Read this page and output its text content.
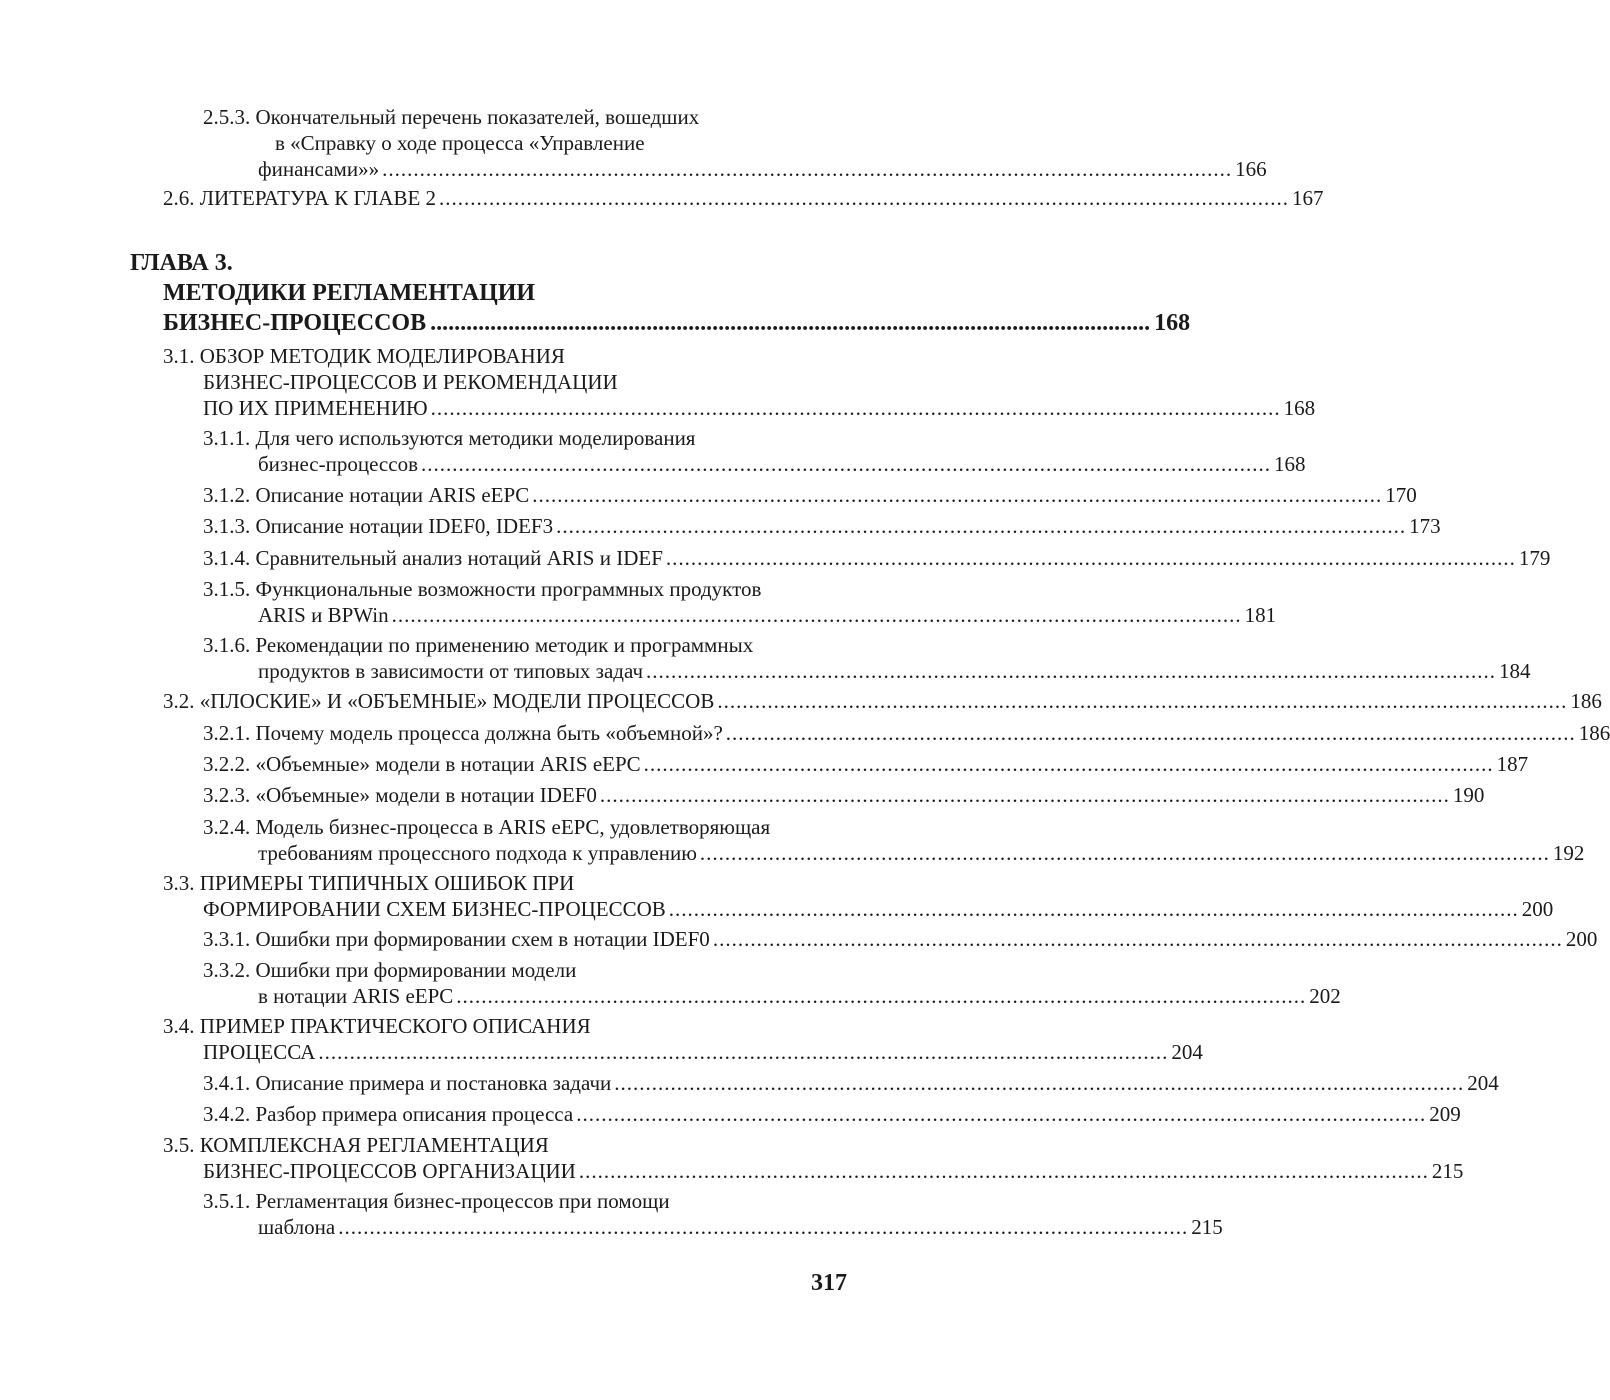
2.5.3. Окончательный перечень показателей, вошедших
в «Справку о ходе процесса «Управление
финансами»» ........................................................................................................................................ 166
2.6. ЛИТЕРАТУРА К ГЛАВЕ 2 ........................................................................................................................................ 167
ГЛАВА 3.
МЕТОДИКИ РЕГЛАМЕНТАЦИИ
БИЗНЕС-ПРОЦЕССОВ ........................................................................................................................ 168
3.1. ОБЗОР МЕТОДИК МОДЕЛИРОВАНИЯ
БИЗНЕС-ПРОЦЕССОВ И РЕКОМЕНДАЦИИ
ПО ИХ ПРИМЕНЕНИЮ ........................................................................................................................................ 168
3.1.1. Для чего используются методики моделирования
бизнес-процессов ........................................................................................................................................ 168
3.1.2. Описание нотации ARIS eEPC ........................................................................................................................................ 170
3.1.3. Описание нотации IDEF0, IDEF3 ........................................................................................................................................ 173
3.1.4. Сравнительный анализ нотаций ARIS и IDEF ........................................................................................................................................ 179
3.1.5. Функциональные возможности программных продуктов
ARIS и BPWin ........................................................................................................................................ 181
3.1.6. Рекомендации по применению методик и программных
продуктов в зависимости от типовых задач ........................................................................................................................................ 184
3.2. «ПЛОСКИЕ» И «ОБЪЕМНЫЕ» МОДЕЛИ ПРОЦЕССОВ ........................................................................................................................................ 186
3.2.1. Почему модель процесса должна быть «объемной»? ........................................................................................................................................ 186
3.2.2. «Объемные» модели в нотации ARIS eEPC ........................................................................................................................................ 187
3.2.3. «Объемные» модели в нотации IDEF0 ........................................................................................................................................ 190
3.2.4. Модель бизнес-процесса в ARIS eEPC, удовлетворяющая
требованиям процессного подхода к управлению ........................................................................................................................................ 192
3.3. ПРИМЕРЫ ТИПИЧНЫХ ОШИБОК ПРИ
ФОРМИРОВАНИИ СХЕМ БИЗНЕС-ПРОЦЕССОВ ........................................................................................................................................ 200
3.3.1. Ошибки при формировании схем в нотации IDEF0 ........................................................................................................................................ 200
3.3.2. Ошибки при формировании модели
в нотации ARIS eEPC ........................................................................................................................................ 202
3.4. ПРИМЕР ПРАКТИЧЕСКОГО ОПИСАНИЯ
ПРОЦЕССА ........................................................................................................................................ 204
3.4.1. Описание примера и постановка задачи ........................................................................................................................................ 204
3.4.2. Разбор примера описания процесса ........................................................................................................................................ 209
3.5. КОМПЛЕКСНАЯ РЕГЛАМЕНТАЦИЯ
БИЗНЕС-ПРОЦЕССОВ ОРГАНИЗАЦИИ ........................................................................................................................................ 215
3.5.1. Регламентация бизнес-процессов при помощи
шаблона ........................................................................................................................................ 215
317
